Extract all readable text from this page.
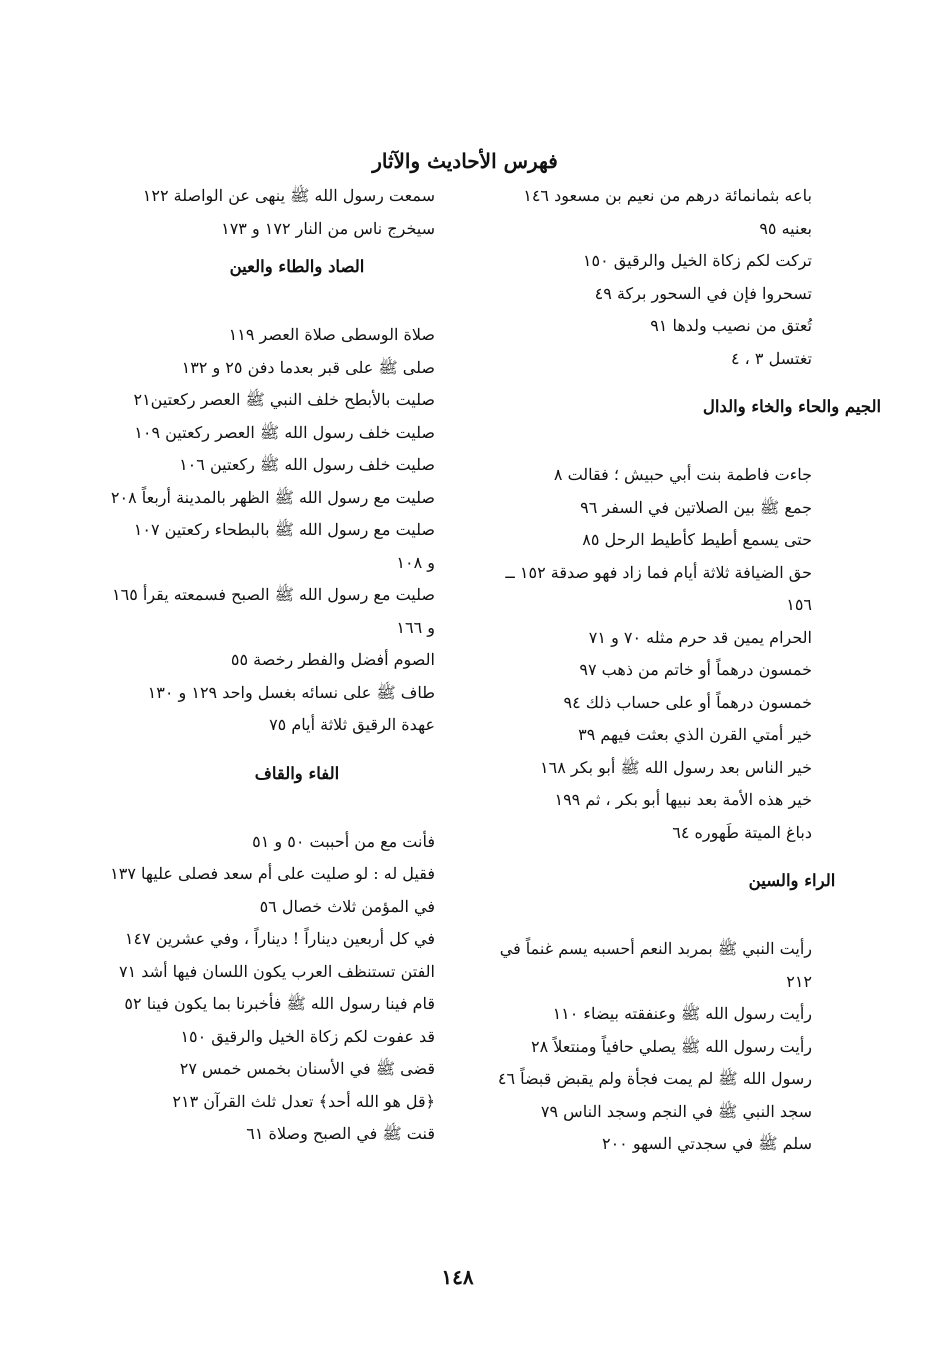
فهرس الأحاديث والآثار
باعه بثمانمائة درهم من نعيم بن مسعود ١٤٦
بعنيه ٩٥
تركت لكم زكاة الخيل والرقيق ١٥٠
تسحروا فإن في السحور بركة ٤٩
تُعتق من نصيب ولدها ٩١
تغتسل ٣ ، ٤
الجيم والحاء والخاء والدال
جاءت فاطمة بنت أبي حبيش ؛ فقالت ٨
جمع ﷺ بين الصلاتين في السفر ٩٦
حتى يسمع أطيط كأطيط الرحل ٨٥
حق الضيافة ثلاثة أيام فما زاد فهو صدقة ١٥٢ ــ
١٥٦
الحرام يمين قد حرم مثله ٧٠ و ٧١
خمسون درهماً أو خاتم من ذهب ٩٧
خمسون درهماً أو على حساب ذلك ٩٤
خير أمتي القرن الذي بعثت فيهم ٣٩
خير الناس بعد رسول الله ﷺ أبو بكر ١٦٨
خير هذه الأمة بعد نبيها أبو بكر ، ثم ١٩٩
دباغ الميتة طَهوره ٦٤
الراء والسين
رأيت النبي ﷺ بمربد النعم أحسبه يسم غنماً في
٢١٢
رأيت رسول الله ﷺ وعنفقته بيضاء ١١٠
رأيت رسول الله ﷺ يصلي حافياً ومنتعلاً ٢٨
رسول الله ﷺ لم يمت فجأة ولم يقبض قبضاً ٤٦
سجد النبي ﷺ في النجم وسجد الناس ٧٩
سلم ﷺ في سجدتي السهو ٢٠٠
سمعت رسول الله ﷺ ينهى عن الواصلة ١٢٢
سيخرج ناس من النار ١٧٢ و ١٧٣
الصاد والطاء والعين
صلاة الوسطى صلاة العصر ١١٩
صلى ﷺ على قبر بعدما دفن ٢٥ و ١٣٢
صليت بالأبطح خلف النبي ﷺ العصر ركعتين٢١
صليت خلف رسول الله ﷺ العصر ركعتين ١٠٩
صليت خلف رسول الله ﷺ ركعتين ١٠٦
صليت مع رسول الله ﷺ الظهر بالمدينة أربعاً ٢٠٨
صليت مع رسول الله ﷺ بالبطحاء ركعتين ١٠٧
و ١٠٨
صليت مع رسول الله ﷺ الصبح فسمعته يقرأ ١٦٥
و ١٦٦
الصوم أفضل والفطر رخصة ٥٥
طاف ﷺ على نسائه بغسل واحد ١٢٩ و ١٣٠
عهدة الرقيق ثلاثة أيام ٧٥
الفاء والقاف
فأنت مع من أحببت ٥٠ و ٥١
فقيل له : لو صليت على أم سعد فصلى عليها ١٣٧
في المؤمن ثلاث خصال ٥٦
في كل أربعين ديناراً ! ديناراً ، وفي عشرين ١٤٧
الفتن تستنظف العرب يكون اللسان فيها أشد ٧١
قام فينا رسول الله ﷺ فأخبرنا بما يكون فينا ٥٢
قد عفوت لكم زكاة الخيل والرقيق ١٥٠
قضى ﷺ في الأسنان بخمس خمس ٢٧
﴿قل هو الله أحد﴾ تعدل ثلث القرآن ٢١٣
قنت ﷺ في الصبح وصلاة ٦١
١٤٨
